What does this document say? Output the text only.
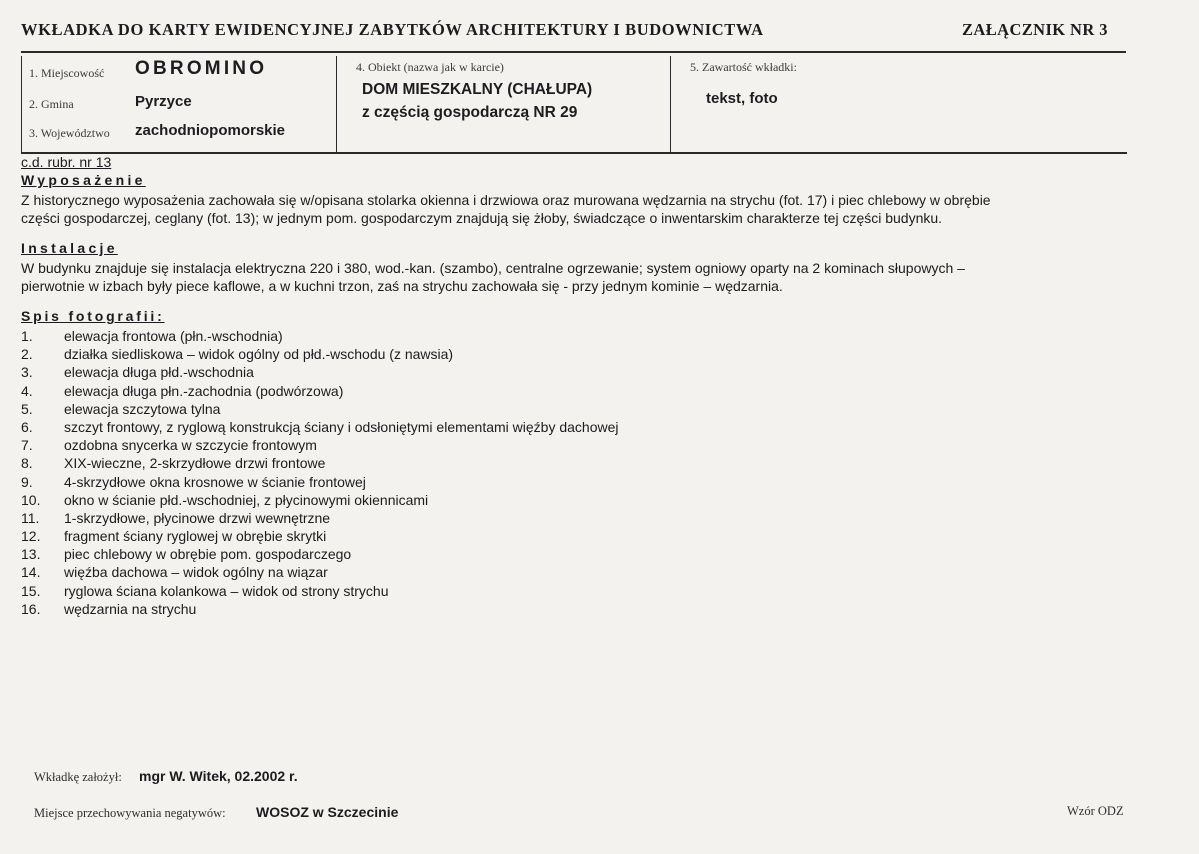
WKŁADKA DO KARTY EWIDENCYJNEJ ZABYTKÓW ARCHITEKTURY I BUDOWNICTWA	ZAŁĄCZNIK NR 3
1. Miejscowość OBROMINO
2. Gmina	Pyrzyce
3. Województwo zachodniopomorskie
4. Obiekt (nazwa jak w karcie)
DOM MIESZKALNY (CHAŁUPA)
z częścią gospodarczą NR 29
5. Zawartość wkładki:
tekst, foto
c.d. rubr. nr 13
Wyposażenie
Z historycznego wyposażenia zachowała się w/opisana stolarka okienna i drzwiowa oraz murowana wędzarnia na strychu (fot. 17) i piec chlebowy w obrębie
części gospodarczej, ceglany (fot. 13); w jednym pom. gospodarczym znajdują się żłoby, świadczące o inwentarskim charakterze tej części budynku.
Instalacje
W budynku znajduje się instalacja elektryczna 220 i 380, wod.-kan. (szambo), centralne ogrzewanie; system ogniowy oparty na 2 kominach słupowych –
pierwotnie w izbach były piece kaflowe, a w kuchni trzon, zaś na strychu zachowała się - przy jednym kominie – wędzarnia.
Spis fotografii:
1.	elewacja frontowa (płn.-wschodnia)
2.	działka siedliskowa – widok ogólny od płd.-wschodu (z nawsia)
3.	elewacja długa płd.-wschodnia
4.	elewacja długa płn.-zachodnia (podwórzowa)
5.	elewacja szczytowa tylna
6.	szczyt frontowy, z ryglową konstrukcją ściany i odsłoniętymi elementami więźby dachowej
7.	ozdobna snycerka w szczycie frontowym
8.	XIX-wieczne, 2-skrzydłowe drzwi frontowe
9.	4-skrzydłowe okna krosnowe w ścianie frontowej
10.	okno w ścianie płd.-wschodniej, z płycinowymi okiennicami
11.	1-skrzydłowe, płycinowe drzwi wewnętrzne
12.	fragment ściany ryglowej w obrębie skrytki
13.	piec chlebowy w obrębie pom. gospodarczego
14.	więźba dachowa – widok ogólny na wiązar
15.	ryglowa ściana kolankowa – widok od strony strychu
16.	wędzarnia na strychu
Wkładkę założył: mgr W. Witek, 02.2002 r.
Miejsce przechowywania negatywów: WOSOZ w Szczecinie	Wzór ODZ
